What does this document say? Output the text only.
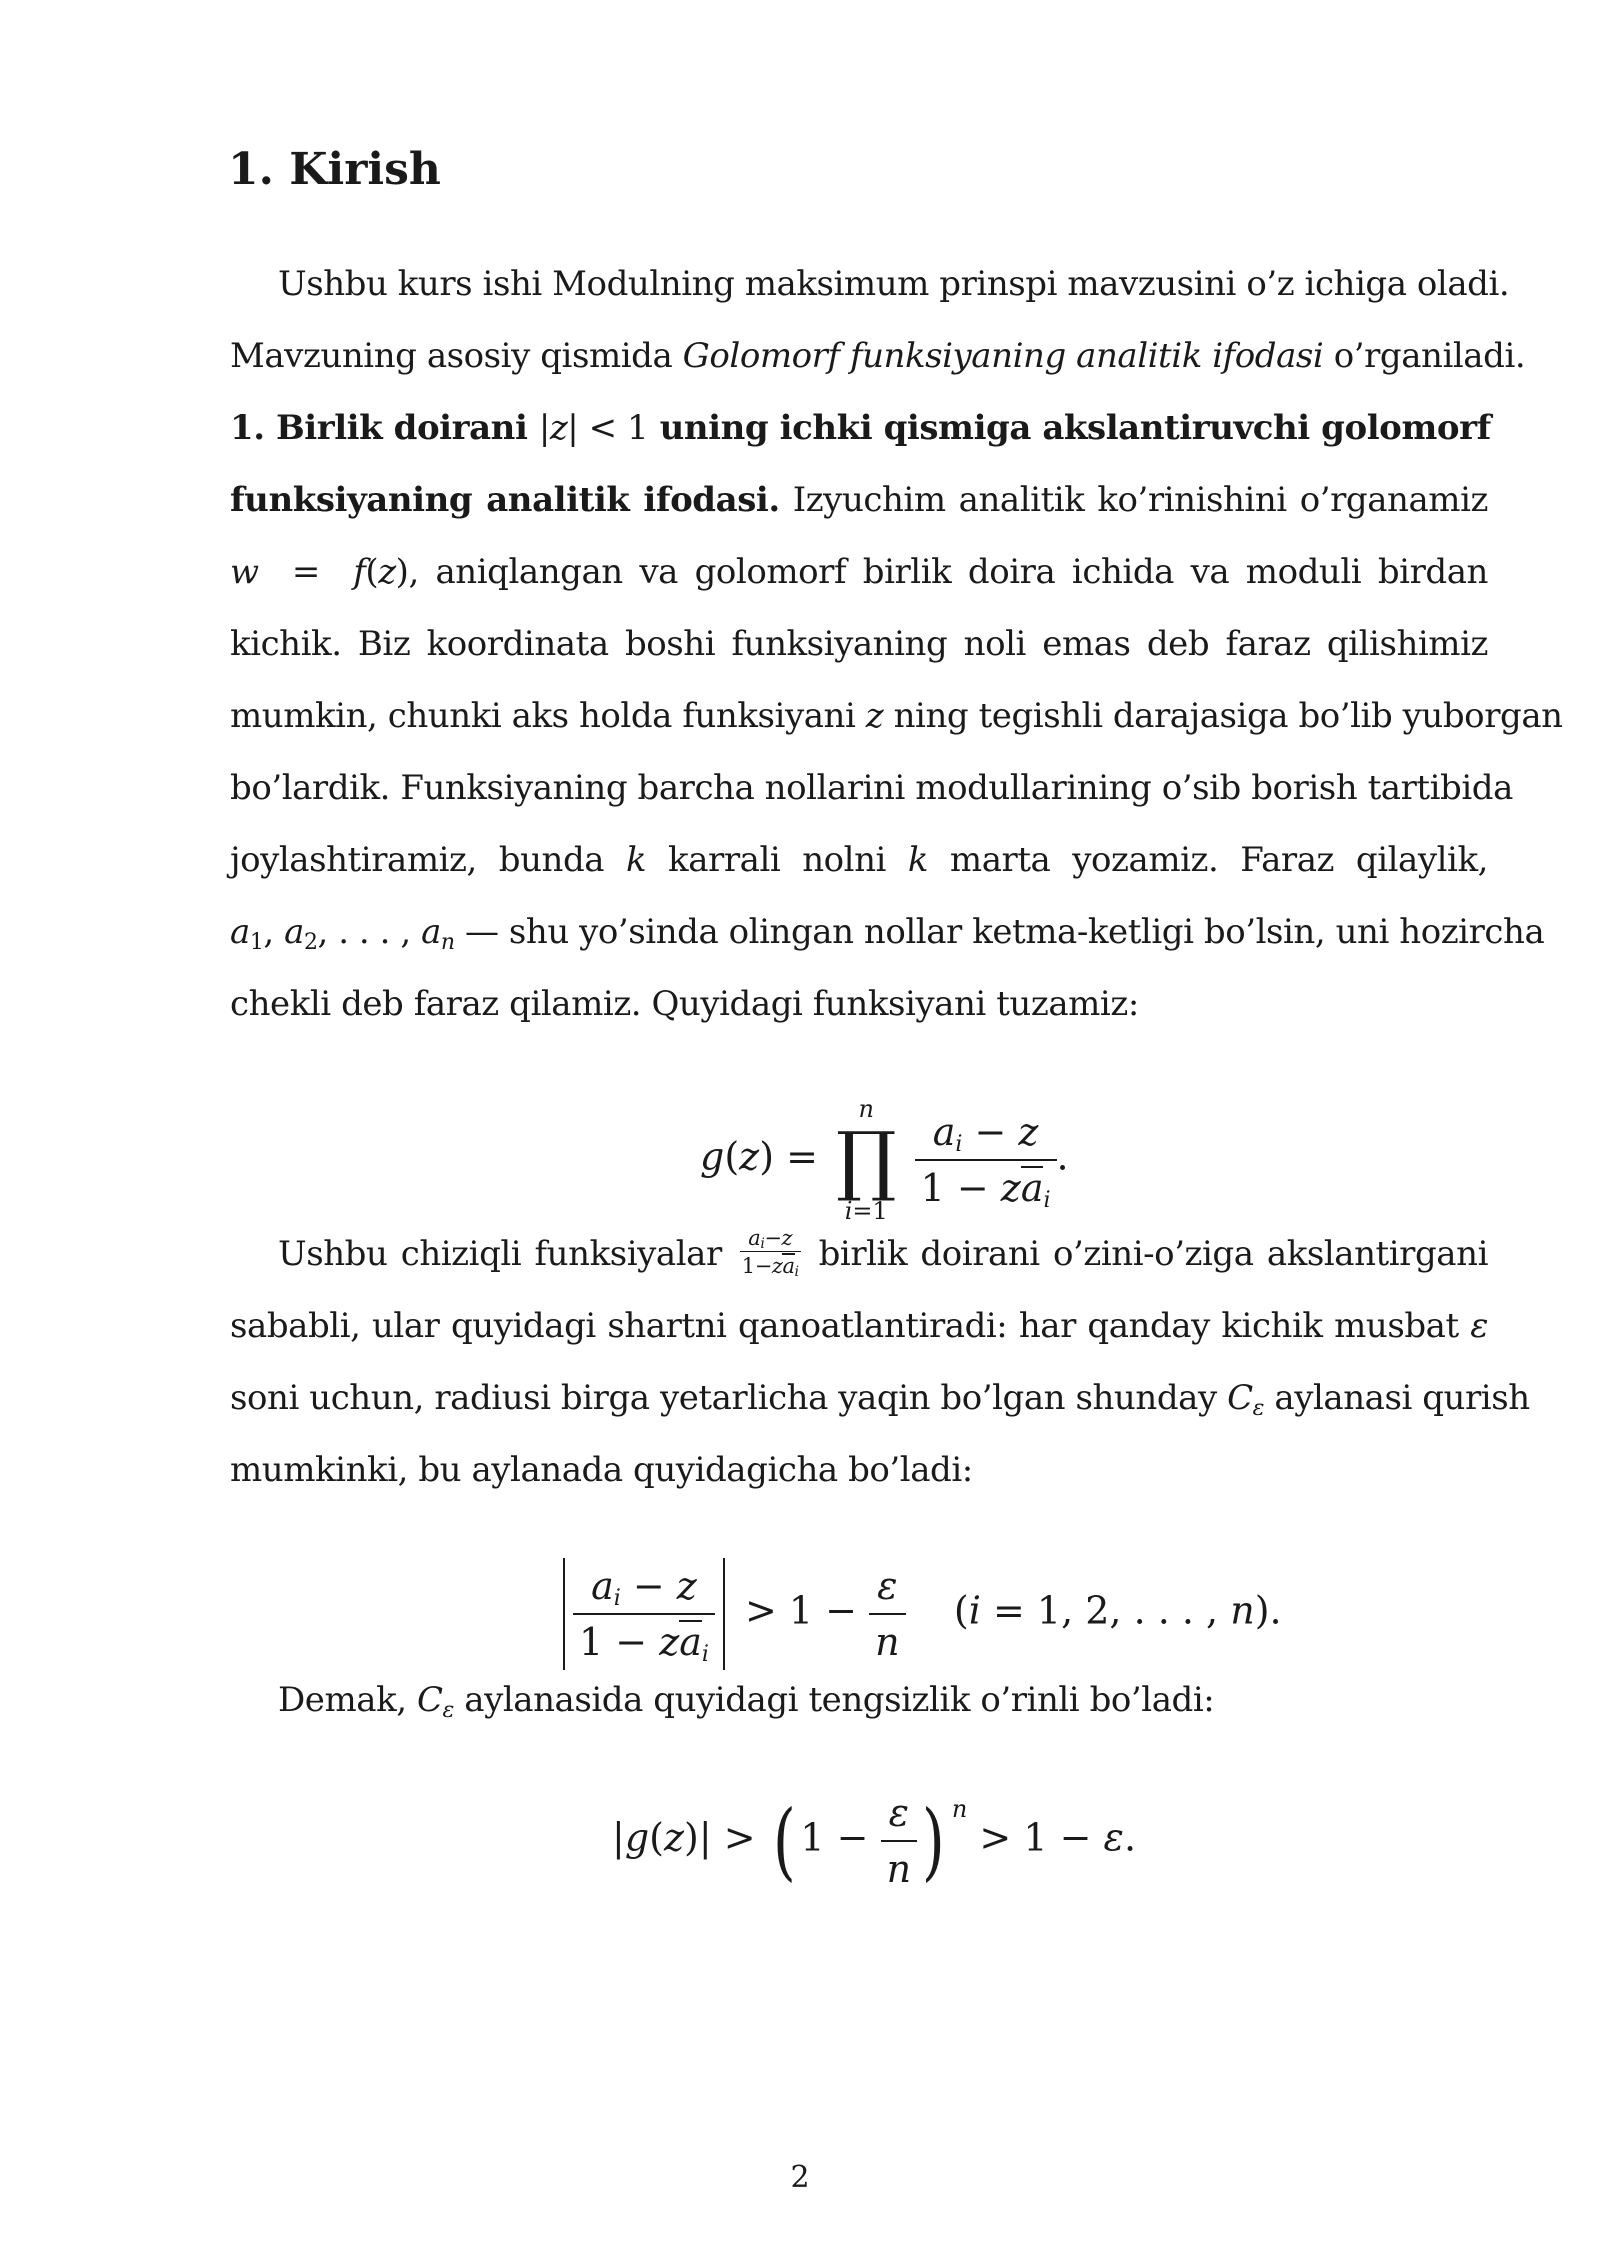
1. Kirish
Ushbu kurs ishi Modulning maksimum prinspi mavzusini o’z ichiga oladi.
Mavzuning asosiy qismida Golomorf funksiyaning analitik ifodasi o’rganiladi.
1. Birlik doirani |z| < 1 uning ichki qismiga akslantiruvchi golomorf
funksiyaning analitik ifodasi. Izyuchim analitik ko’rinishini o’rganamiz
w  =  f(z), aniqlangan va golomorf birlik doira ichida va moduli birdan
kichik. Biz koordinata boshi funksiyaning noli emas deb faraz qilishimiz
mumkin, chunki aks holda funksiyani z ning tegishli darajasiga bo’lib yuborgan
bo’lardik. Funksiyaning barcha nollarini modullarining o’sib borish tartibida
joylashtiramiz, bunda k karrali nolni k marta yozamiz. Faraz qilaylik,
$a_1$, $a_2$, . . . , $a_n$ — shu yo’sinda olingan nollar ketma-ketligi bo’lsin, uni hozircha
chekli deb faraz qilamiz. Quyidagi funksiyani tuzamiz:
g(z) =
n
∏
i=1
$\frac{a_i - z}{1 - za_i}$ .
Ushbu chiziqli funksiyalar $\frac{a_i-z}{1-za_i}$ birlik doirani o’zini-o’ziga akslantirgani
sababli, ular quyidagi shartni qanoatlantiradi: har qanday kichik musbat ε
soni uchun, radiusi birga yetarlicha yaqin bo’lgan shunday $C_\varepsilon$ aylanasi qurish
mumkinki, bu aylanada quyidagicha bo’ladi:
$\frac{a_i - z}{1 - za_i} > 1 - \frac{\varepsilon}{n} (i = 1$, 2, . . . , n).
Demak, $C_\varepsilon$ aylanasida quyidagi tengsizlik o’rinli bo’ladi:
|g(z)| > ( $1 - \frac{\varepsilon}{n}$ ) $^n$ > 1 − ε.
2
